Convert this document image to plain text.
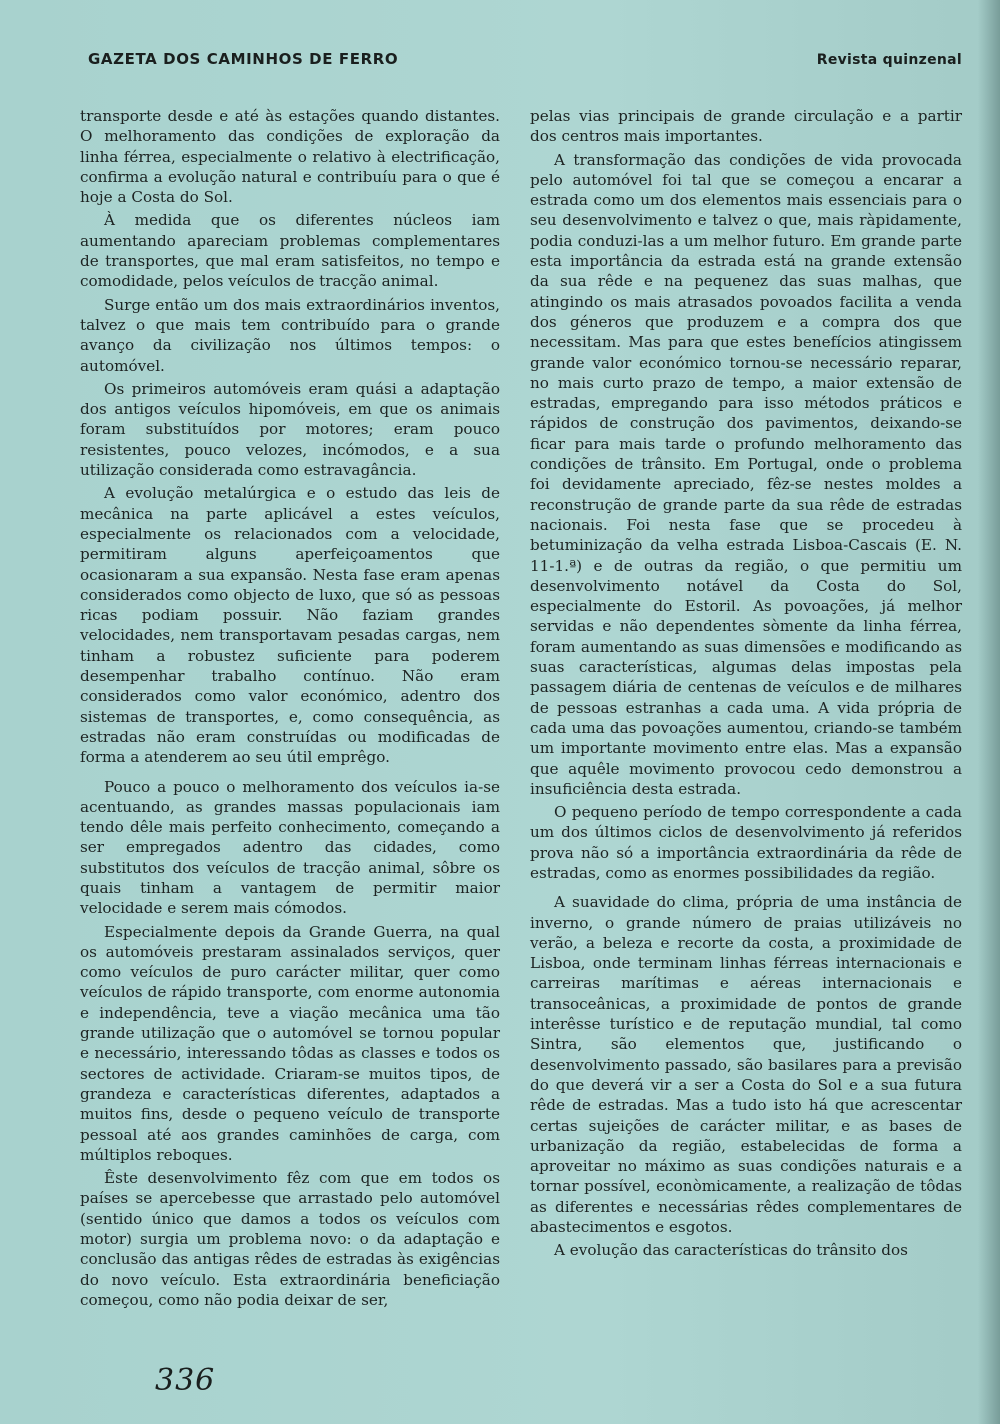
GAZETA DOS CAMINHOS DE FERRO	Revista quinzenal

transporte desde e até às estações quando distantes. O melhoramento das condições de exploração da linha férrea, especialmente o relativo à electrificação, confirma a evolução natural e contribuíu para o que é hoje a Costa do Sol.

À medida que os diferentes núcleos iam aumentando apareciam problemas complementares de transportes, que mal eram satisfeitos, no tempo e comodidade, pelos veículos de tracção animal.

Surge então um dos mais extraordinários inventos, talvez o que mais tem contribuído para o grande avanço da civilização nos últimos tempos: o automóvel.

Os primeiros automóveis eram quási a adaptação dos antigos veículos hipomóveis, em que os animais foram substituídos por motores; eram pouco resistentes, pouco velozes, incómodos, e a sua utilização considerada como estravagância.

A evolução metalúrgica e o estudo das leis de mecânica na parte aplicável a estes veículos, especialmente os relacionados com a velocidade, permitiram alguns aperfeiçoamentos que ocasionaram a sua expansão. Nesta fase eram apenas considerados como objecto de luxo, que só as pessoas ricas podiam possuir. Não faziam grandes velocidades, nem transportavam pesadas cargas, nem tinham a robustez suficiente para poderem desempenhar trabalho contínuo. Não eram considerados como valor económico, adentro dos sistemas de transportes, e, como consequência, as estradas não eram construídas ou modificadas de forma a atenderem ao seu útil emprêgo.

Pouco a pouco o melhoramento dos veículos ia-se acentuando, as grandes massas populacionais iam tendo dêle mais perfeito conhecimento, começando a ser empregados adentro das cidades, como substitutos dos veículos de tracção animal, sôbre os quais tinham a vantagem de permitir maior velocidade e serem mais cómodos.

Especialmente depois da Grande Guerra, na qual os automóveis prestaram assinalados serviços, quer como veículos de puro carácter militar, quer como veículos de rápido transporte, com enorme autonomia e independência, teve a viação mecânica uma tão grande utilização que o automóvel se tornou popular e necessário, interessando tôdas as classes e todos os sectores de actividade. Criaram-se muitos tipos, de grandeza e características diferentes, adaptados a muitos fins, desde o pequeno veículo de transporte pessoal até aos grandes caminhões de carga, com múltiplos reboques.

Êste desenvolvimento fêz com que em todos os países se apercebesse que arrastado pelo automóvel (sentido único que damos a todos os veículos com motor) surgia um problema novo: o da adaptação e conclusão das antigas rêdes de estradas às exigências do novo veículo. Esta extraordinária beneficiação começou, como não podia deixar de ser,

pelas vias principais de grande circulação e a partir dos centros mais importantes.

A transformação das condições de vida provocada pelo automóvel foi tal que se começou a encarar a estrada como um dos elementos mais essenciais para o seu desenvolvimento e talvez o que, mais ràpidamente, podia conduzi-las a um melhor futuro. Em grande parte esta importância da estrada está na grande extensão da sua rêde e na pequenez das suas malhas, que atingindo os mais atrasados povoados facilita a venda dos géneros que produzem e a compra dos que necessitam. Mas para que estes benefícios atingissem grande valor económico tornou-se necessário reparar, no mais curto prazo de tempo, a maior extensão de estradas, empregando para isso métodos práticos e rápidos de construção dos pavimentos, deixando-se ficar para mais tarde o profundo melhoramento das condições de trânsito. Em Portugal, onde o problema foi devidamente apreciado, fêz-se nestes moldes a reconstrução de grande parte da sua rêde de estradas nacionais. Foi nesta fase que se procedeu à betuminização da velha estrada Lisboa-Cascais (E. N. 11-1.ª) e de outras da região, o que permitiu um desenvolvimento notável da Costa do Sol, especialmente do Estoril. As povoações, já melhor servidas e não dependentes sòmente da linha férrea, foram aumentando as suas dimensões e modificando as suas características, algumas delas impostas pela passagem diária de centenas de veículos e de milhares de pessoas estranhas a cada uma. A vida própria de cada uma das povoações aumentou, criando-se também um importante movimento entre elas. Mas a expansão que aquêle movimento provocou cedo demonstrou a insuficiência desta estrada.

O pequeno período de tempo correspondente a cada um dos últimos ciclos de desenvolvimento já referidos prova não só a importância extraordinária da rêde de estradas, como as enormes possibilidades da região.

A suavidade do clima, própria de uma instância de inverno, o grande número de praias utilizáveis no verão, a beleza e recorte da costa, a proximidade de Lisboa, onde terminam linhas férreas internacionais e carreiras marítimas e aéreas internacionais e transoceânicas, a proximidade de pontos de grande interêsse turístico e de reputação mundial, tal como Sintra, são elementos que, justificando o desenvolvimento passado, são basilares para a previsão do que deverá vir a ser a Costa do Sol e a sua futura rêde de estradas. Mas a tudo isto há que acrescentar certas sujeições de carácter militar, e as bases de urbanização da região, estabelecidas de forma a aproveitar no máximo as suas condições naturais e a tornar possível, econòmicamente, a realização de tôdas as diferentes e necessárias rêdes complementares de abastecimentos e esgotos.

A evolução das características do trânsito dos

336
